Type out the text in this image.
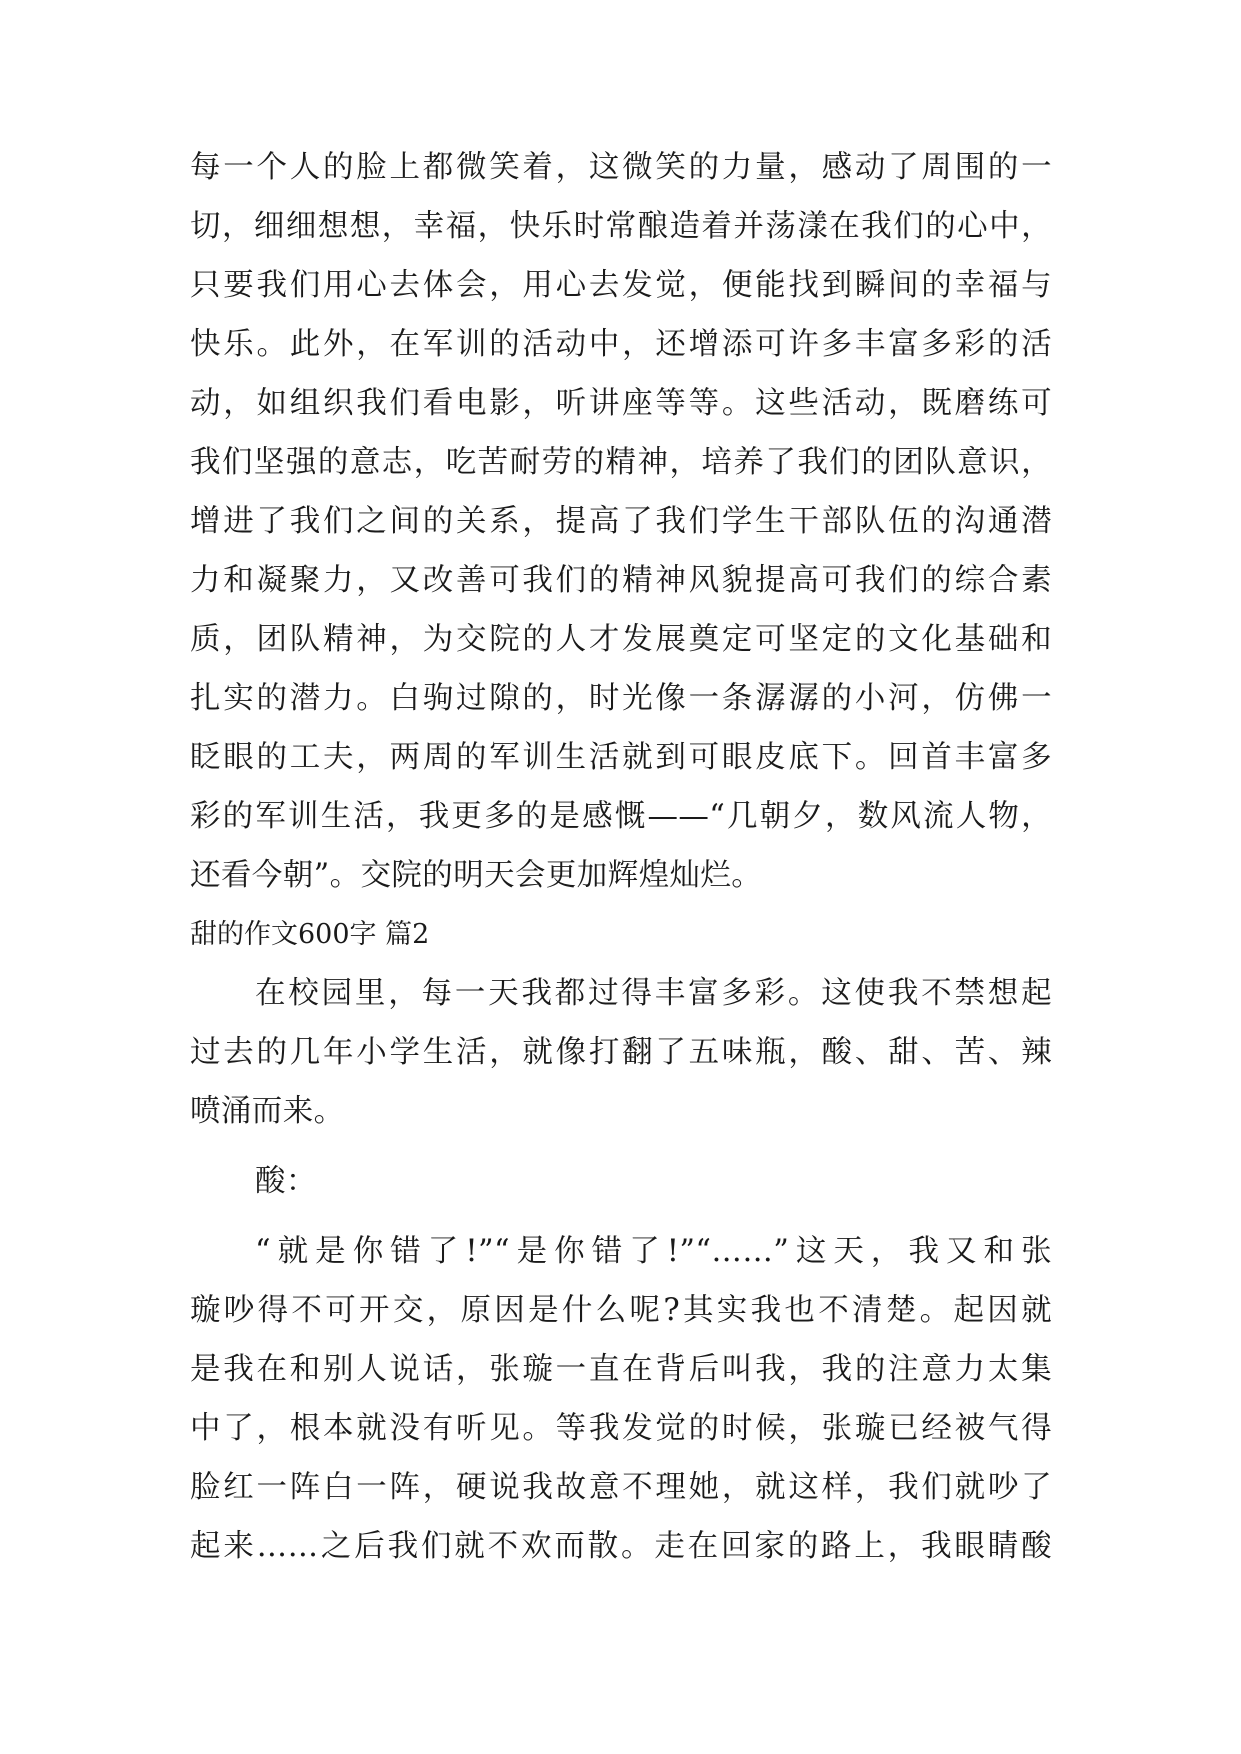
每一个人的脸上都微笑着，这微笑的力量，感动了周围的一
切，细细想想，幸福，快乐时常酿造着并荡漾在我们的心中，
只要我们用心去体会，用心去发觉，便能找到瞬间的幸福与
快乐。此外，在军训的活动中，还增添可许多丰富多彩的活
动，如组织我们看电影，听讲座等等。这些活动，既磨练可
我们坚强的意志，吃苦耐劳的精神，培养了我们的团队意识，
增进了我们之间的关系，提高了我们学生干部队伍的沟通潜
力和凝聚力，又改善可我们的精神风貌提高可我们的综合素
质，团队精神，为交院的人才发展奠定可坚定的文化基础和
扎实的潜力。白驹过隙的，时光像一条潺潺的小河，仿佛一
眨眼的工夫，两周的军训生活就到可眼皮底下。回首丰富多
彩的军训生活，我更多的是感慨——“几朝夕，数风流人物，
还看今朝”。交院的明天会更加辉煌灿烂。
甜的作文600字 篇2
在校园里，每一天我都过得丰富多彩。这使我不禁想起
过去的几年小学生活，就像打翻了五味瓶，酸、甜、苦、辣
喷涌而来。
酸：
“就是你错了!”“是你错了!”“……”这天，我又和张
璇吵得不可开交，原因是什么呢?其实我也不清楚。起因就
是我在和别人说话，张璇一直在背后叫我，我的注意力太集
中了，根本就没有听见。等我发觉的时候，张璇已经被气得
脸红一阵白一阵，硬说我故意不理她，就这样，我们就吵了
起来……之后我们就不欢而散。走在回家的路上，我眼睛酸
